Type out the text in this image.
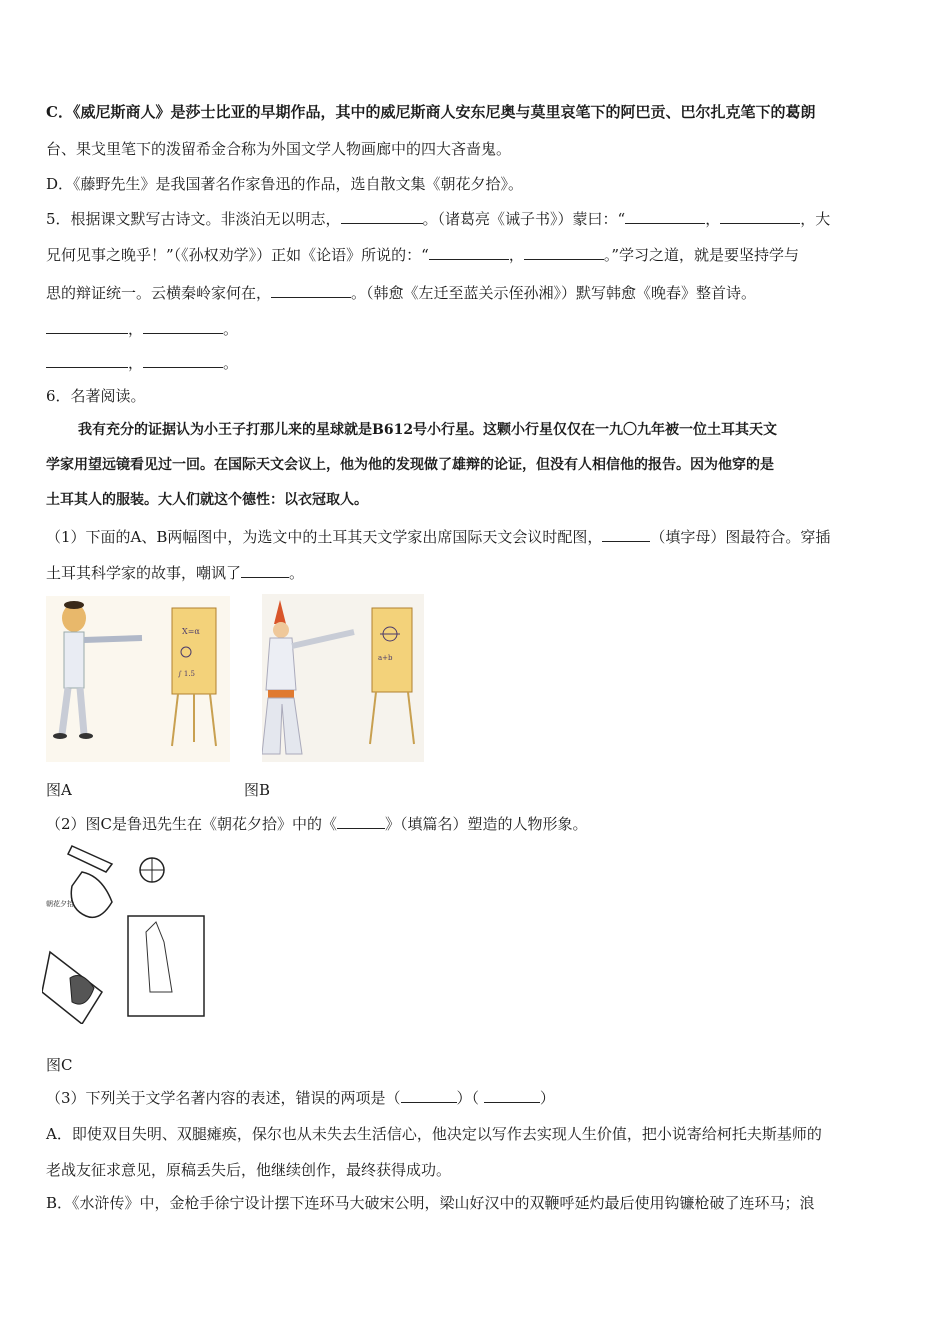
C．《威尼斯商人》是莎士比亚的早期作品，其中的威尼斯商人安东尼奥与莫里哀笔下的阿巴贡、巴尔扎克笔下的葛朗
台、果戈里笔下的泼留希金合称为外国文学人物画廊中的四大吝啬鬼。
D．《藤野先生》是我国著名作家鲁迅的作品，选自散文集《朝花夕拾》。
5．根据课文默写古诗文。非淡泊无以明志，	。（诸葛亮《诫子书》）蒙曰：“	，	，大
兄何见事之晚乎！”（《孙权劝学》）正如《论语》所说的：“	，	。”学习之道，就是要坚持学与
思的辩证统一。云横秦岭家何在，	。（韩愈《左迁至蓝关示侄孙湘》）默写韩愈《晚春》整首诗。
，	。
，	。
6．名著阅读。
我有充分的证据认为小王子打那儿来的星球就是B612号小行星。这颗小行星仅仅在一九〇九年被一位土耳其天文
学家用望远镜看见过一回。在国际天文会议上，他为他的发现做了雄辩的论证，但没有人相信他的报告。因为他穿的是
土耳其人的服装。大人们就这个德性：以衣冠取人。
（1）下面的A、B两幅图中，为选文中的土耳其天文学家出席国际天文会议时配图，	（填字母）图最符合。穿插
土耳其科学家的故事，嘲讽了	。
X=α
∫ 1.5
a+b
图A	图B
（2）图C是鲁迅先生在《朝花夕拾》中的《	》（填篇名）塑造的人物形象。
朝花夕拾
图C
（3）下列关于文学名著内容的表述，错误的两项是（	）（	）
A．即使双目失明、双腿瘫痪，保尔也从未失去生活信心，他决定以写作去实现人生价值，把小说寄给柯托夫斯基师的
老战友征求意见，原稿丢失后，他继续创作，最终获得成功。
B．《水浒传》中，金枪手徐宁设计摆下连环马大破宋公明，梁山好汉中的双鞭呼延灼最后使用钩镰枪破了连环马；浪
